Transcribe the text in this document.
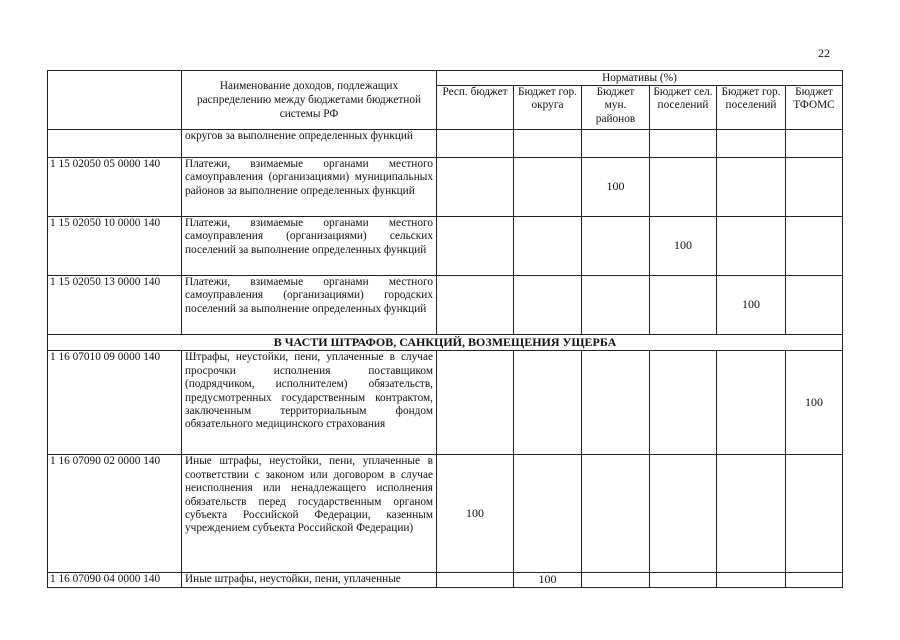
22
	Наименование доходов, подлежащих распределению между бюджетами бюджетной системы РФ	Нормативы (%)					
		Респ. бюджет	Бюджет гор. округа	Бюджет мун. районов	Бюджет сел. поселений	Бюджет гор. поселений	Бюджет ТФОМС
	округов за выполнение определенных функций						
1 15 02050 05 0000 140	Платежи, взимаемые органами местного самоуправления (организациями) муниципальных районов за выполнение определенных функций			100			
1 15 02050 10 0000 140	Платежи, взимаемые органами местного самоуправления (организациями) сельских поселений за выполнение определенных функций				100		
1 15 02050 13 0000 140	Платежи, взимаемые органами местного самоуправления (организациями) городских поселений за выполнение определенных функций					100	
В ЧАСТИ ШТРАФОВ, САНКЦИЙ, ВОЗМЕЩЕНИЯ УЩЕРБА							
1 16 07010 09 0000 140	Штрафы, неустойки, пени, уплаченные в случае просрочки исполнения поставщиком (подрядчиком, исполнителем) обязательств, предусмотренных государственным контрактом, заключенным территориальным фондом обязательного медицинского страхования						100
1 16 07090 02 0000 140	Иные штрафы, неустойки, пени, уплаченные в соответствии с законом или договором в случае неисполнения или ненадлежащего исполнения обязательств перед государственным органом субъекта Российской Федерации, казенным учреждением субъекта Российской Федерации)	100					
1 16 07090 04 0000 140	Иные штрафы, неустойки, пени, уплаченные		100				
